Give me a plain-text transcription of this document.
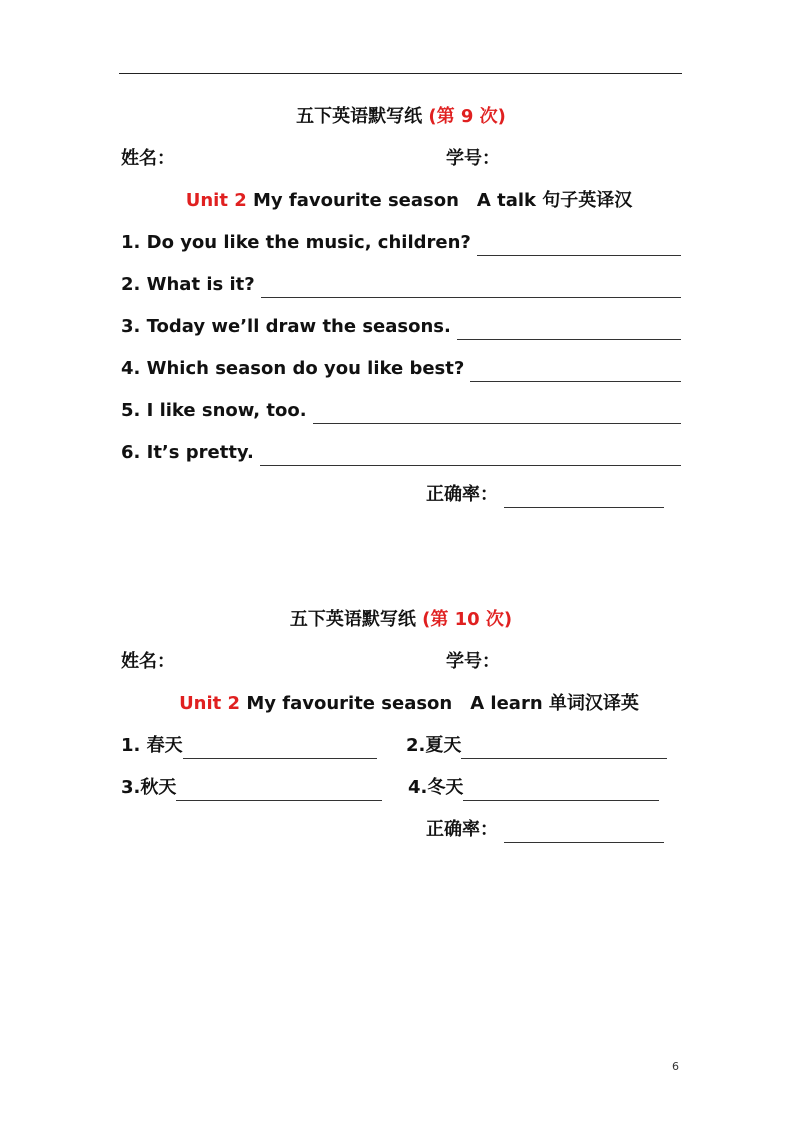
五下英语默写纸 (第 9 次)
姓名：	学号：
Unit 2 My favourite season　A talk 句子英译汉
1. Do you like the music, children?
2. What is it?
3. Today we’ll draw the seasons.
4. Which season do you like best?
5. I like snow, too.
6. It’s pretty.
正确率：
五下英语默写纸 (第 10 次)
姓名：	学号：
Unit 2 My favourite season　A learn 单词汉译英
1. 春天	2.夏天
3.秋天	4.冬天
正确率：
6
